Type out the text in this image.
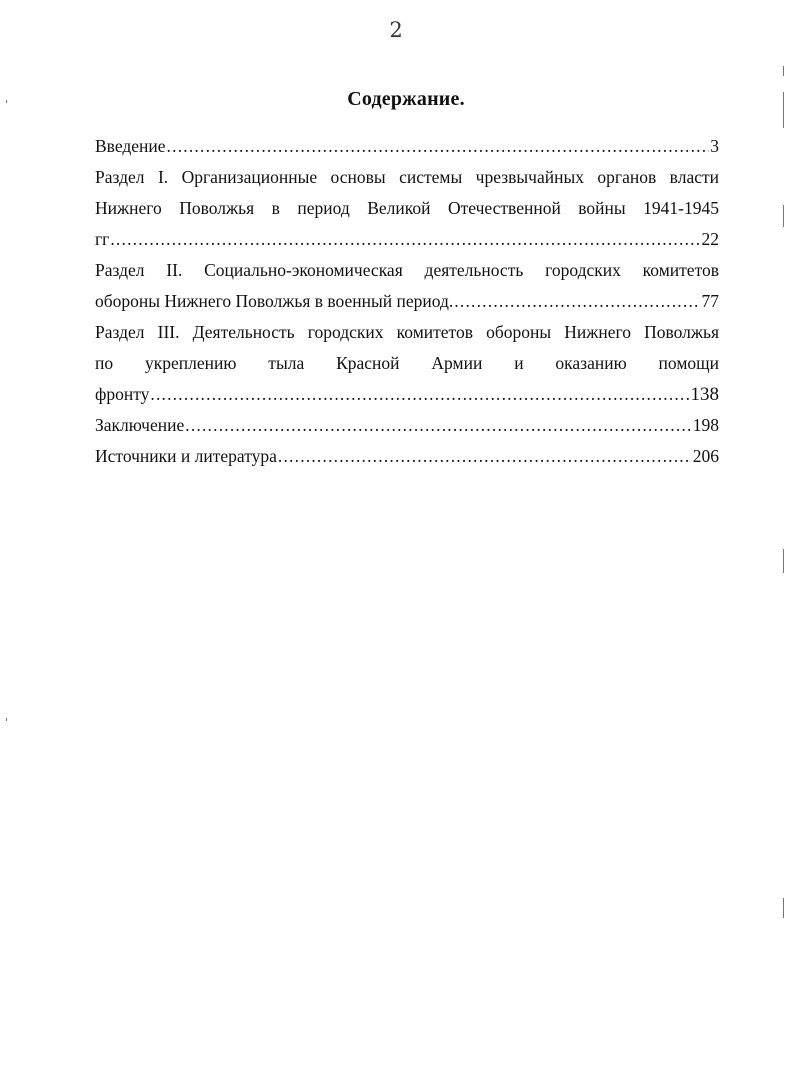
2
Содержание.
Введение .....	3
Раздел I. Организационные основы системы чрезвычайных органов власти
Нижнего Поволжья в период Великой Отечественной войны 1941-1945
гг .....	22
Раздел II. Социально-экономическая деятельность городских комитетов
обороны Нижнего Поволжья в военный период. .....	77
Раздел III. Деятельность городских комитетов обороны Нижнего Поволжья
по укреплению тыла Красной Армии и оказанию помощи
фронту .....	138
Заключение .....	198
Источники и литература .....	206
